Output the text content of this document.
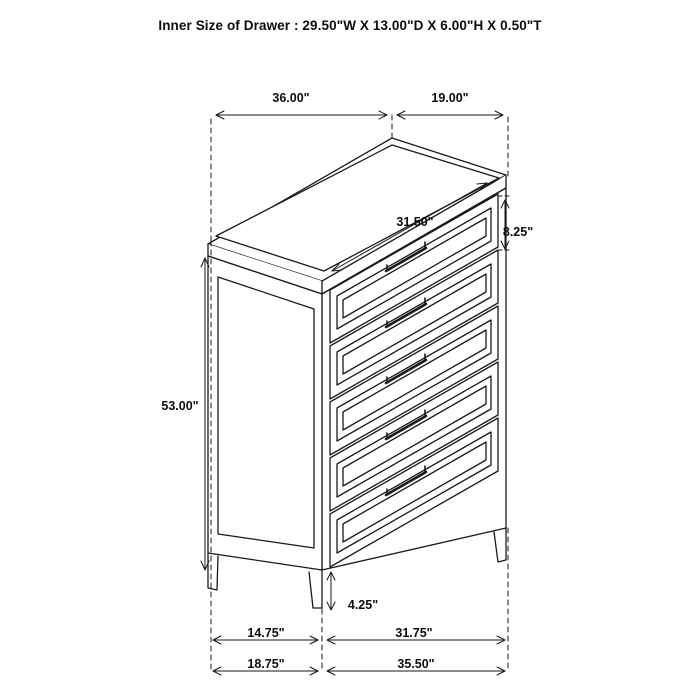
Inner Size of Drawer : 29.50"W X 13.00"D X 6.00"H X 0.50"T
36.00"	19.00"
31.50"
8.25"
53.00"
4.25"
14.75"	31.75"
18.75"	35.50"
